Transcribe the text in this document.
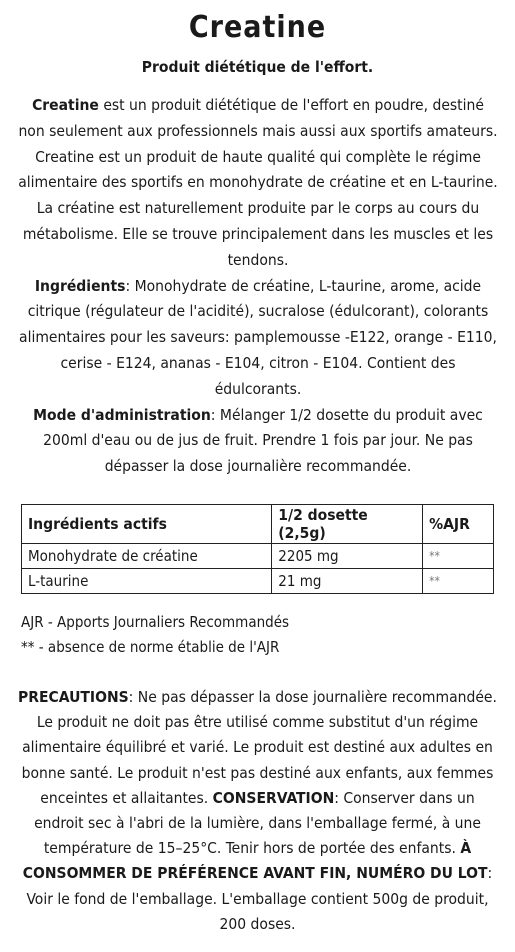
Creatine
Produit diététique de l'effort.
Creatine est un produit diététique de l'effort en poudre, destiné non seulement aux professionnels mais aussi aux sportifs amateurs. Creatine est un produit de haute qualité qui complète le régime alimentaire des sportifs en monohydrate de créatine et en L-taurine.
La créatine est naturellement produite par le corps au cours du métabolisme. Elle se trouve principalement dans les muscles et les tendons.
Ingrédients: Monohydrate de créatine, L-taurine, arome, acide citrique (régulateur de l'acidité), sucralose (édulcorant), colorants alimentaires pour les saveurs: pamplemousse -E122, orange - E110, cerise - E124, ananas - E104, citron - E104. Contient des édulcorants.
Mode d'administration: Mélanger 1/2 dosette du produit avec 200ml d'eau ou de jus de fruit. Prendre 1 fois par jour. Ne pas dépasser la dose journalière recommandée.
Ingrédients actifs	1/2 dosette (2,5g)	%AJR
Monohydrate de créatine	2205 mg	**
L-taurine	21 mg	**
AJR - Apports Journaliers Recommandés
** - absence de norme établie de l'AJR
PRECAUTIONS: Ne pas dépasser la dose journalière recommandée. Le produit ne doit pas être utilisé comme substitut d'un régime alimentaire équilibré et varié. Le produit est destiné aux adultes en bonne santé. Le produit n'est pas destiné aux enfants, aux femmes enceintes et allaitantes. CONSERVATION: Conserver dans un endroit sec à l'abri de la lumière, dans l'emballage fermé, à une température de 15–25°C. Tenir hors de portée des enfants. À CONSOMMER DE PRÉFÉRENCE AVANT FIN, NUMÉRO DU LOT: Voir le fond de l'emballage. L'emballage contient 500g de produit, 200 doses.
